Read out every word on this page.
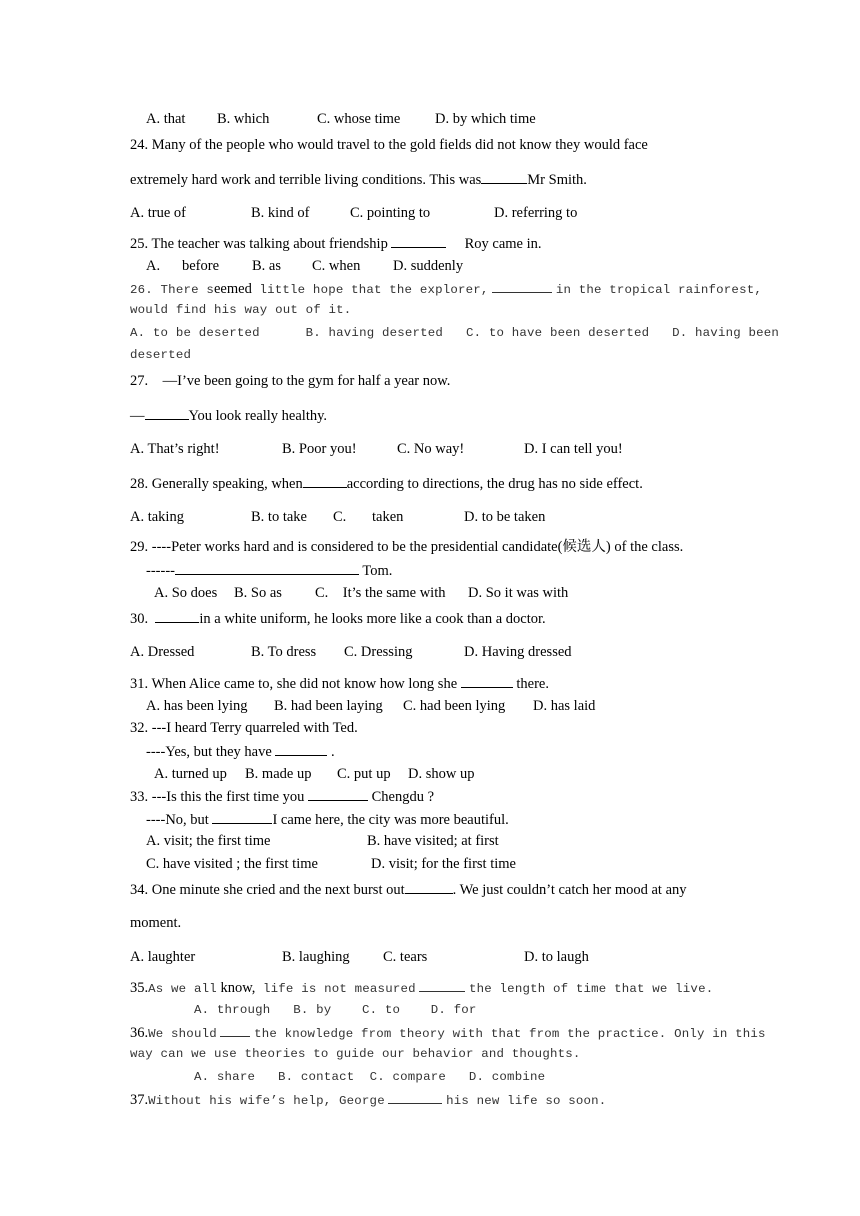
A. that B. which	C. whose time D. by which time
24. Many of the people who would travel to the gold fields did not know they would face
extremely hard work and terrible living conditions. This was	Mr Smith.
A. true of	B. kind of	C. pointing to	D. referring to
25. The teacher was talking about friendship	Roy came in.
A. before B. as C. when D. suddenly
26. There seemed little hope that the explorer,	in the tropical rainforest,
would find his way out of it.
A. to be deserted      B. having deserted   C. to have been deserted   D. having been
deserted
27.    —I’ve been going to the gym for half a year now.
—	You look really healthy.
A. That’s right!	B. Poor you!	C. No way!	D. I can tell you!
28. Generally speaking, when	according to directions, the drug has no side effect.
A. taking	B. to take C. taken	D. to be taken
29. ----Peter works hard and is considered to be the presidential candidate(候选人) of the class.
------	Tom.
A. So does B. So as C.    It’s the same with D. So it was with
30.	in a white uniform, he looks more like a cook than a doctor.
A. Dressed	B. To dress C. Dressing	D. Having dressed
31. When Alice came to, she did not know how long she	there.
A. has been lying B. had been laying C. had been lying D. has laid
32. ---I heard Terry quarreled with Ted.
----Yes, but they have	.
A. turned up B. made up C. put up D. show up
33. ---Is this the first time you	Chengdu ?
----No, but	I came here, the city was more beautiful.
A. visit; the first time	B. have visited; at first
C. have visited ; the first time	D. visit; for the first time
34. One minute she cried and the next burst out	. We just couldn’t catch her mood at any
moment.
A. laughter	B. laughing C. tears	D. to laugh
35.As we all know, life is not measured	the length of time that we live.
A. through   B. by    C. to    D. for
36.We should	the knowledge from theory with that from the practice. Only in this
way can we use theories to guide our behavior and thoughts.
A. share   B. contact  C. compare   D. combine
37.Without his wife’s help, George	his new life so soon.
